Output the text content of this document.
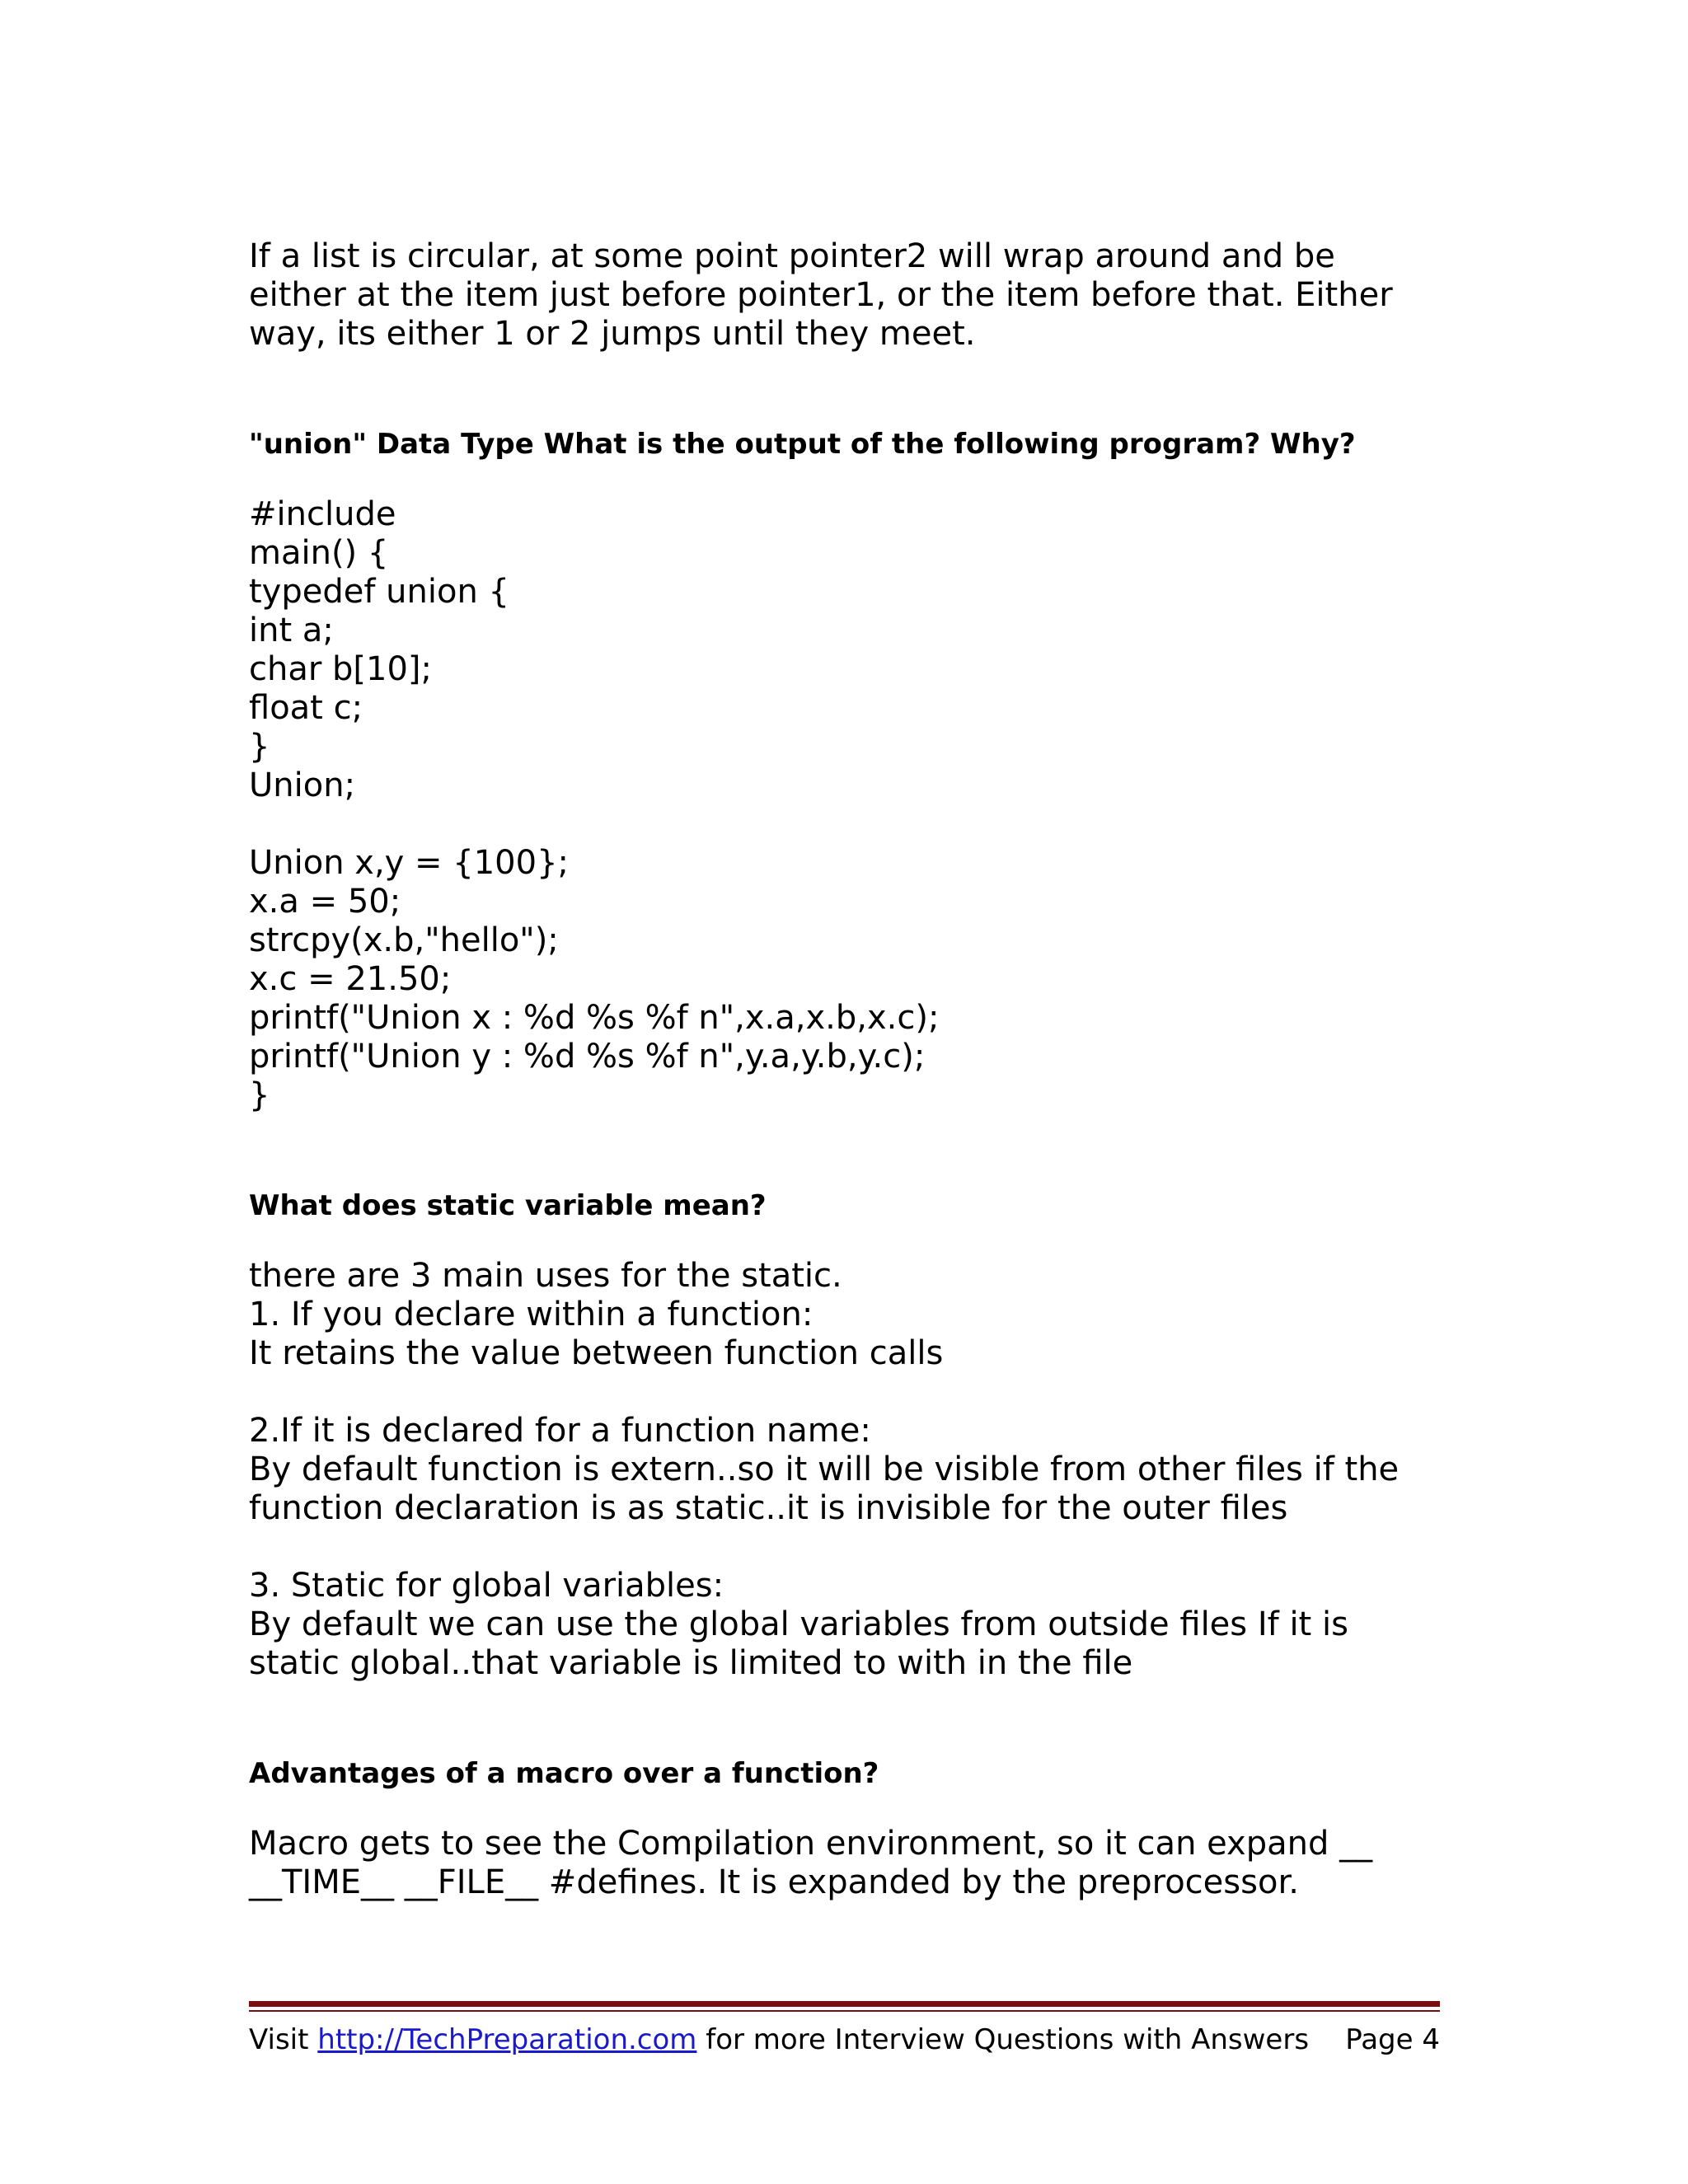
If a list is circular, at some point pointer2 will wrap around and be
either at the item just before pointer1, or the item before that. Either
way, its either 1 or 2 jumps until they meet.

"union" Data Type What is the output of the following program? Why?
#include
main() {
typedef union {
int a;
char b[10];
float c;
}
Union;
Union x,y = {100};
x.a = 50;
strcpy(x.b,"hello");
x.c = 21.50;
printf("Union x : %d %s %f n",x.a,x.b,x.c);
printf("Union y : %d %s %f n",y.a,y.b,y.c);
}
What does static variable mean?
there are 3 main uses for the static.
1. If you declare within a function:
It retains the value between function calls
2.If it is declared for a function name:
By default function is extern..so it will be visible from other files if the
function declaration is as static..it is invisible for the outer files
3. Static for global variables:
By default we can use the global variables from outside files If it is
static global..that variable is limited to with in the file
Advantages of a macro over a function?
Macro gets to see the Compilation environment, so it can expand __
__TIME__ __FILE__ #defines. It is expanded by the preprocessor.
Visit http://TechPreparation.com for more Interview Questions with Answers Page 4
